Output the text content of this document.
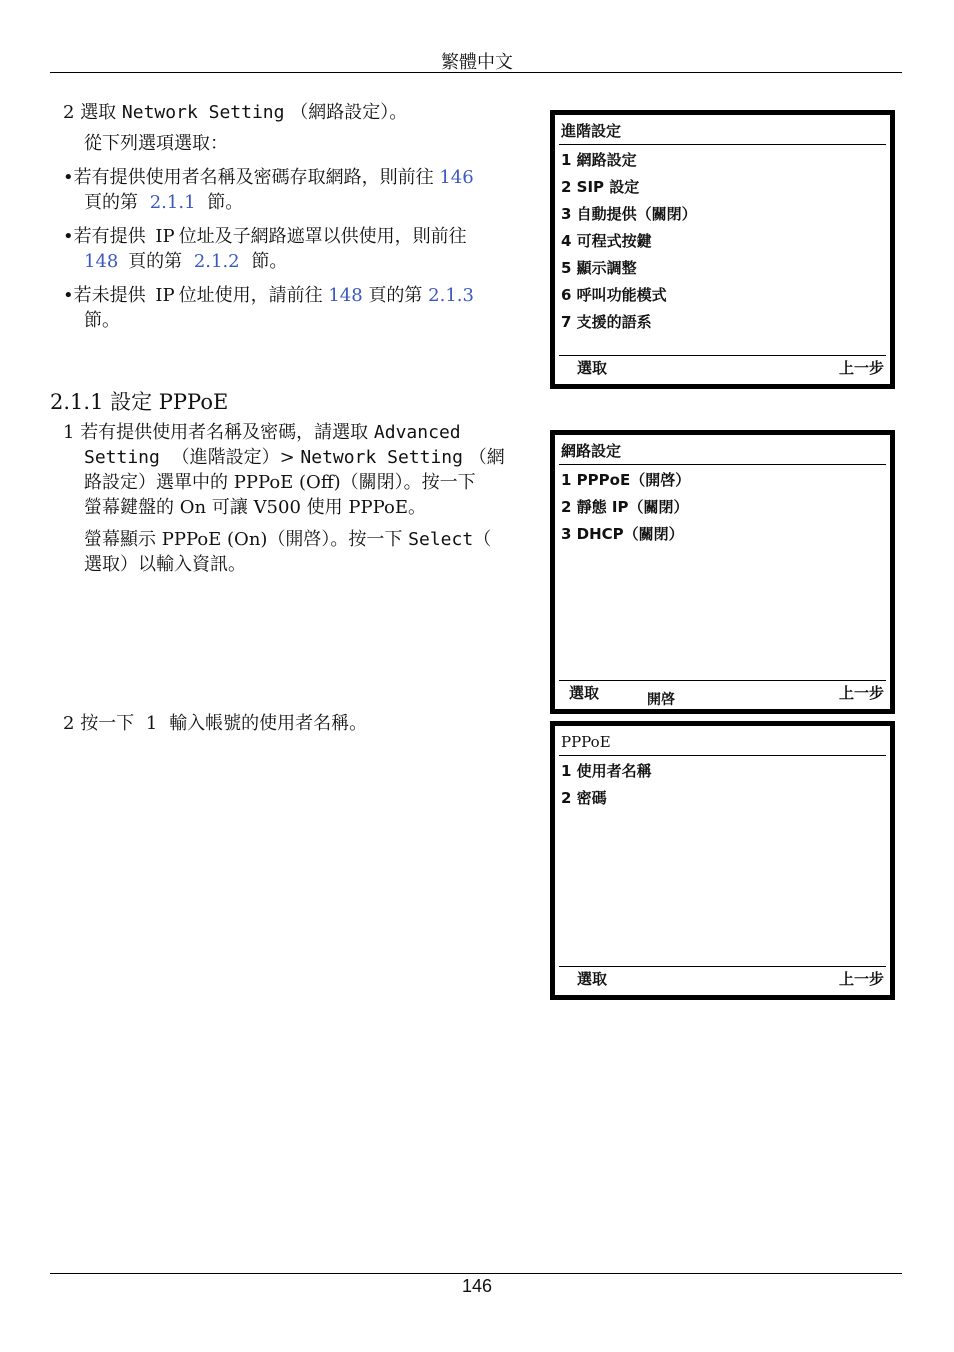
繁體中文
2 選取 Network Setting （網路設定）。
從下列選項選取：
•若有提供使用者名稱及密碼存取網路，則前往 146
頁的第 2.1.1 節。
•若有提供 IP 位址及子網路遮罩以供使用，則前往
148 頁的第 2.1.2 節。
•若未提供 IP 位址使用，請前往 148 頁的第 2.1.3
節。
2.1.1 設定 PPPoE
1 若有提供使用者名稱及密碼，請選取 Advanced
Setting （進階設定）> Network Setting （網
路設定）選單中的 PPPoE (Off)（關閉）。按一下
螢幕鍵盤的 On 可讓 V500 使用 PPPoE。
螢幕顯示 PPPoE (On)（開啓）。按一下 Select（
選取）以輸入資訊。
2 按一下 1 輸入帳號的使用者名稱。
進階設定
1 網路設定
2 SIP 設定
3 自動提供（關閉）
4 可程式按鍵
5 顯示調整
6 呼叫功能模式
7 支援的語系
選取	上一步
網路設定
1 PPPoE（開啓）
2 靜態 IP（關閉）
3 DHCP（關閉）
選取	開啓	上一步
PPPoE
1 使用者名稱
2 密碼
選取	上一步
146
